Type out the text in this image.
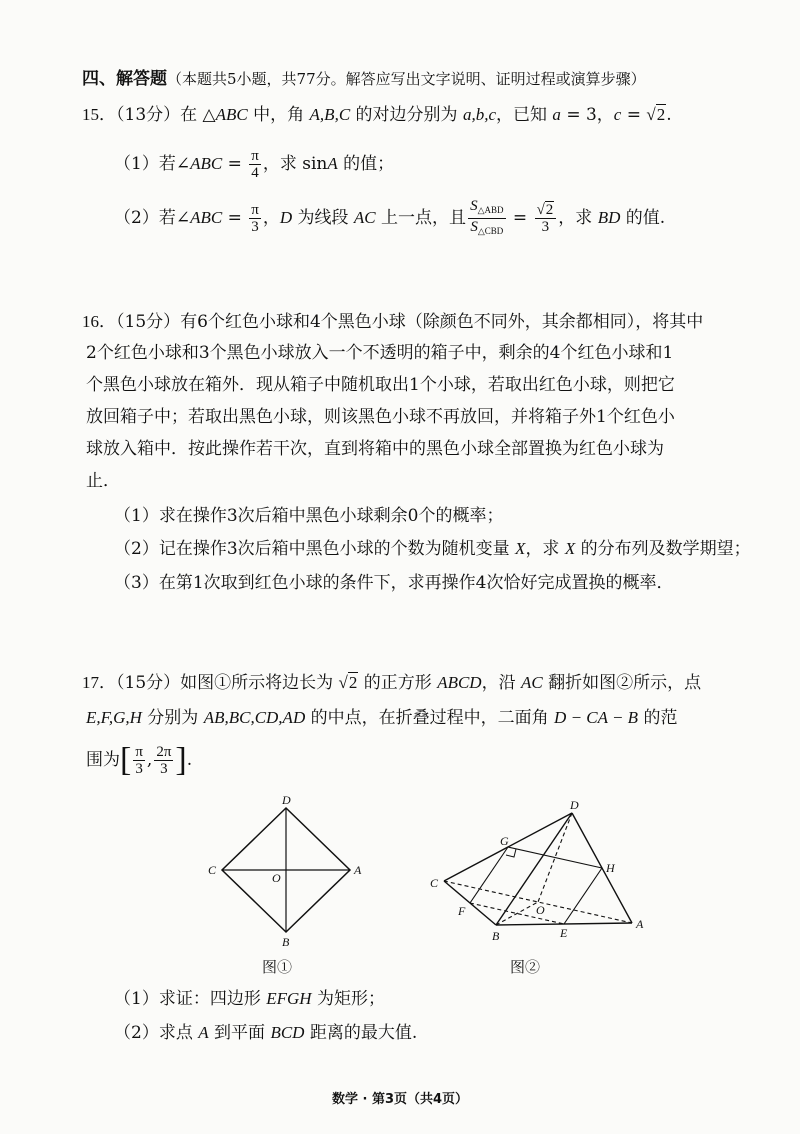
四、解答题（本题共5小题，共77分。解答应写出文字说明、证明过程或演算步骤）
15．（13分）在 △ABC 中，角 A,B,C 的对边分别为 a,b,c，已知 a = 3，c = √2.
（1）若∠ABC = $\frac{\pi}{4}$ ，求 sinA 的值；
（2）若∠ABC = $\frac{\pi}{3}$ ，D 为线段 AC 上一点，且 $\frac{S_{\triangle ABD}}{S_{\triangle CBD}} = \frac{√2}{3}$ ，求 BD 的值.
16．（15分）有6个红色小球和4个黑色小球（除颜色不同外，其余都相同），将其中
2个红色小球和3个黑色小球放入一个不透明的箱子中，剩余的4个红色小球和1
个黑色小球放在箱外．现从箱子中随机取出1个小球，若取出红色小球，则把它
放回箱子中；若取出黑色小球，则该黑色小球不再放回，并将箱子外1个红色小
球放入箱中．按此操作若干次，直到将箱中的黑色小球全部置换为红色小球为
止．
（1）求在操作3次后箱中黑色小球剩余0个的概率；
（2）记在操作3次后箱中黑色小球的个数为随机变量 X，求 X 的分布列及数学期望；
（3）在第1次取到红色小球的条件下，求再操作4次恰好完成置换的概率．
17．（15分）如图①所示将边长为 √2 的正方形 ABCD，沿 AC 翻折如图②所示，点
E,F,G,H 分别为 AB,BC,CD,AD 的中点，在折叠过程中，二面角 D − CA − B 的范
围为[ $\frac{\pi}{3}$ , $\frac{2\pi}{3}$ ].
D
C
O
A
B
图①
D
G
H
C
O
F
B	E
A
图②
（1）求证：四边形 EFGH 为矩形；
（2）求点 A 到平面 BCD 距离的最大值.
数学 · 第3页（共4页）
